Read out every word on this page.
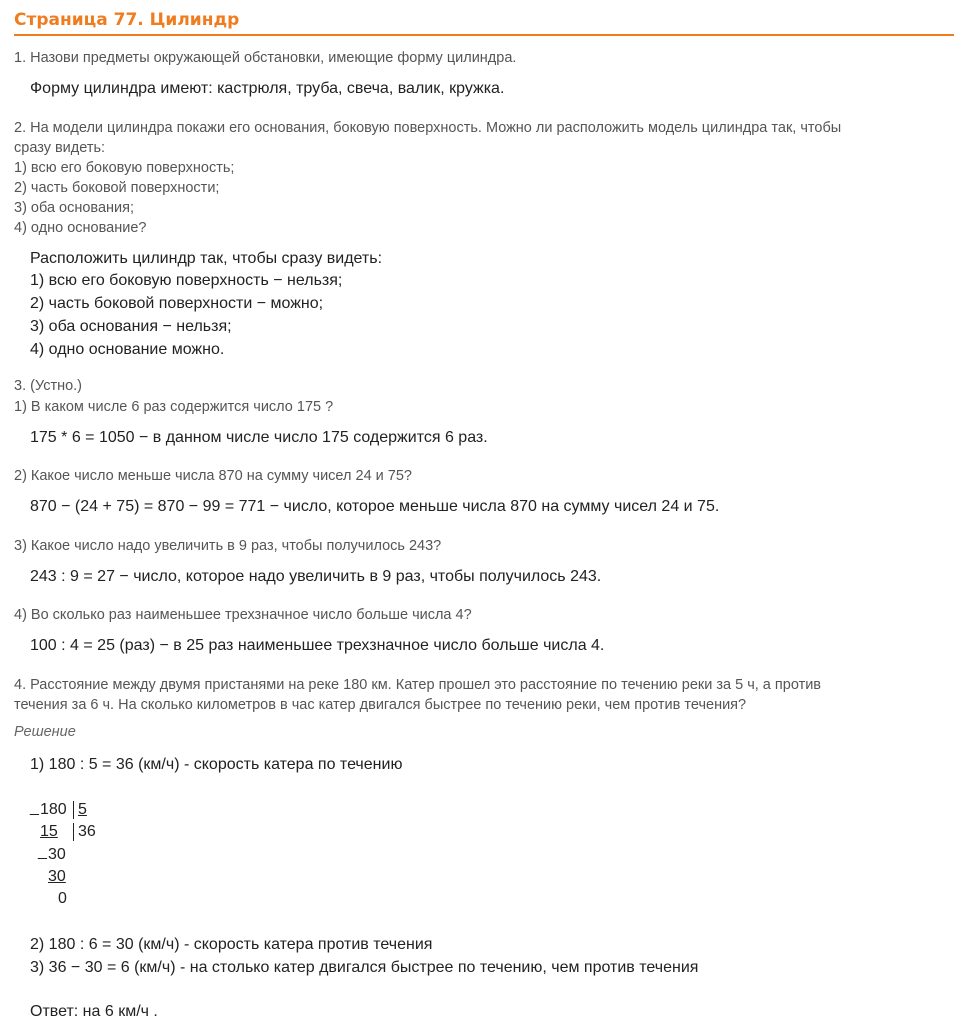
Страница 77. Цилиндр
1. Назови предметы окружающей обстановки, имеющие форму цилиндра.
Форму цилиндра имеют: кастрюля, труба, свеча, валик, кружка.
2. На модели цилиндра покажи его основания, боковую поверхность. Можно ли расположить модель цилиндра так, чтобы
сразу видеть:
1) всю его боковую поверхность;
2) часть боковой поверхности;
3) оба основания;
4) одно основание?
Расположить цилиндр так, чтобы сразу видеть:
1) всю его боковую поверхность − нельзя;
2) часть боковой поверхности − можно;
3) оба основания − нельзя;
4) одно основание можно.
3. (Устно.)
1) В каком числе 6 раз содержится число 175 ?
175 * 6 = 1050 − в данном числе число 175 содержится 6 раз.
2) Какое число меньше числа 870 на сумму чисел 24 и 75?
870 − (24 + 75) = 870 − 99 = 771 − число, которое меньше числа 870 на сумму чисел 24 и 75.
3) Какое число надо увеличить в 9 раз, чтобы получилось 243?
243 : 9 = 27 − число, которое надо увеличить в 9 раз, чтобы получилось 243.
4) Во сколько раз наименьшее трехзначное число больше числа 4?
100 : 4 = 25 (раз) − в 25 раз наименьшее трехзначное число больше числа 4.
4. Расстояние между двумя пристанями на реке 180 км. Катер прошел это расстояние по течению реки за 5 ч, а против
течения за 6 ч. На сколько километров в час катер двигался быстрее по течению реки, чем против течения?
Решение
1) 180 : 5 = 36 (км/ч) - скорость катера по течению
_ 180 5
15	36
_ 30
30
0
2) 180 : 6 = 30 (км/ч) - скорость катера против течения
3) 36 − 30 = 6 (км/ч) - на столько катер двигался быстрее по течению, чем против течения
Ответ: на 6 км/ч .
